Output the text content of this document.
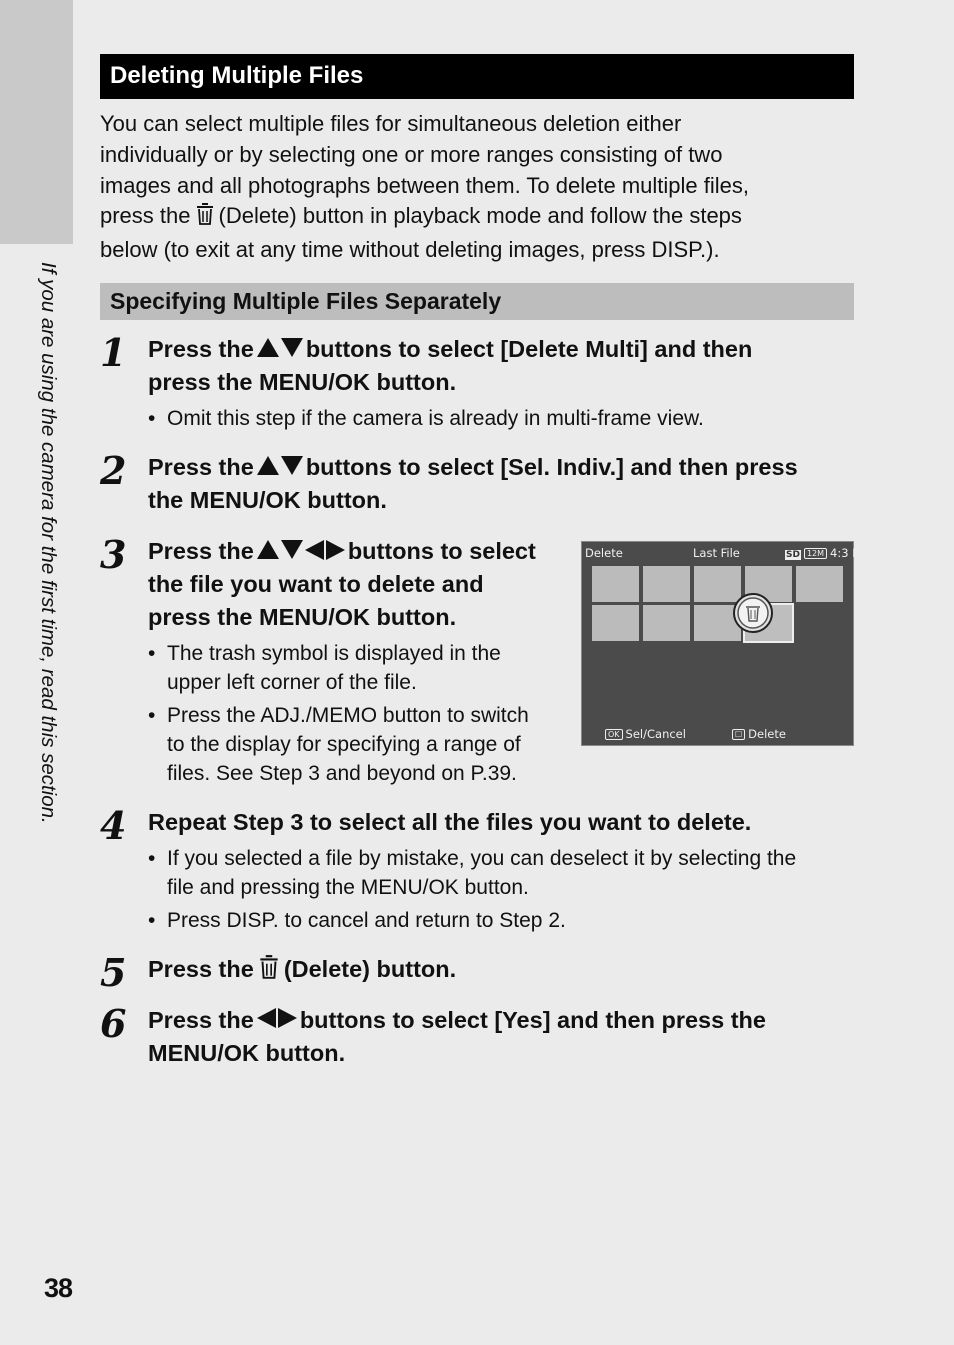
If you are using the camera for the first time, read this section.
38
Deleting Multiple Files
You can select multiple files for simultaneous deletion either
individually or by selecting one or more ranges consisting of two
images and all photographs between them. To delete multiple files,
press the (Delete) button in playback mode and follow the steps
below (to exit at any time without deleting images, press DISP.).
Specifying Multiple Files Separately
1 Press the buttons to select [Delete Multi] and then
press the MENU/OK button.
• Omit this step if the camera is already in multi-frame view.
2 Press the buttons to select [Sel. Indiv.] and then press
the MENU/OK button.
3 Press the	buttons to select
the file you want to delete and
press the MENU/OK button.
• The trash symbol is displayed in the
upper left corner of the file.
• Press the ADJ./MEMO button to switch
to the display for specifying a range of
files. See Step 3 and beyond on P.39.
Delete	Last File	SD 12M 4:3 F
OK Sel/Cancel	☐ Delete
4 Repeat Step 3 to select all the files you want to delete.
• If you selected a file by mistake, you can deselect it by selecting the
file and pressing the MENU/OK button.
• Press DISP. to cancel and return to Step 2.
5 Press the (Delete) button.
6 Press the buttons to select [Yes] and then press the
MENU/OK button.
